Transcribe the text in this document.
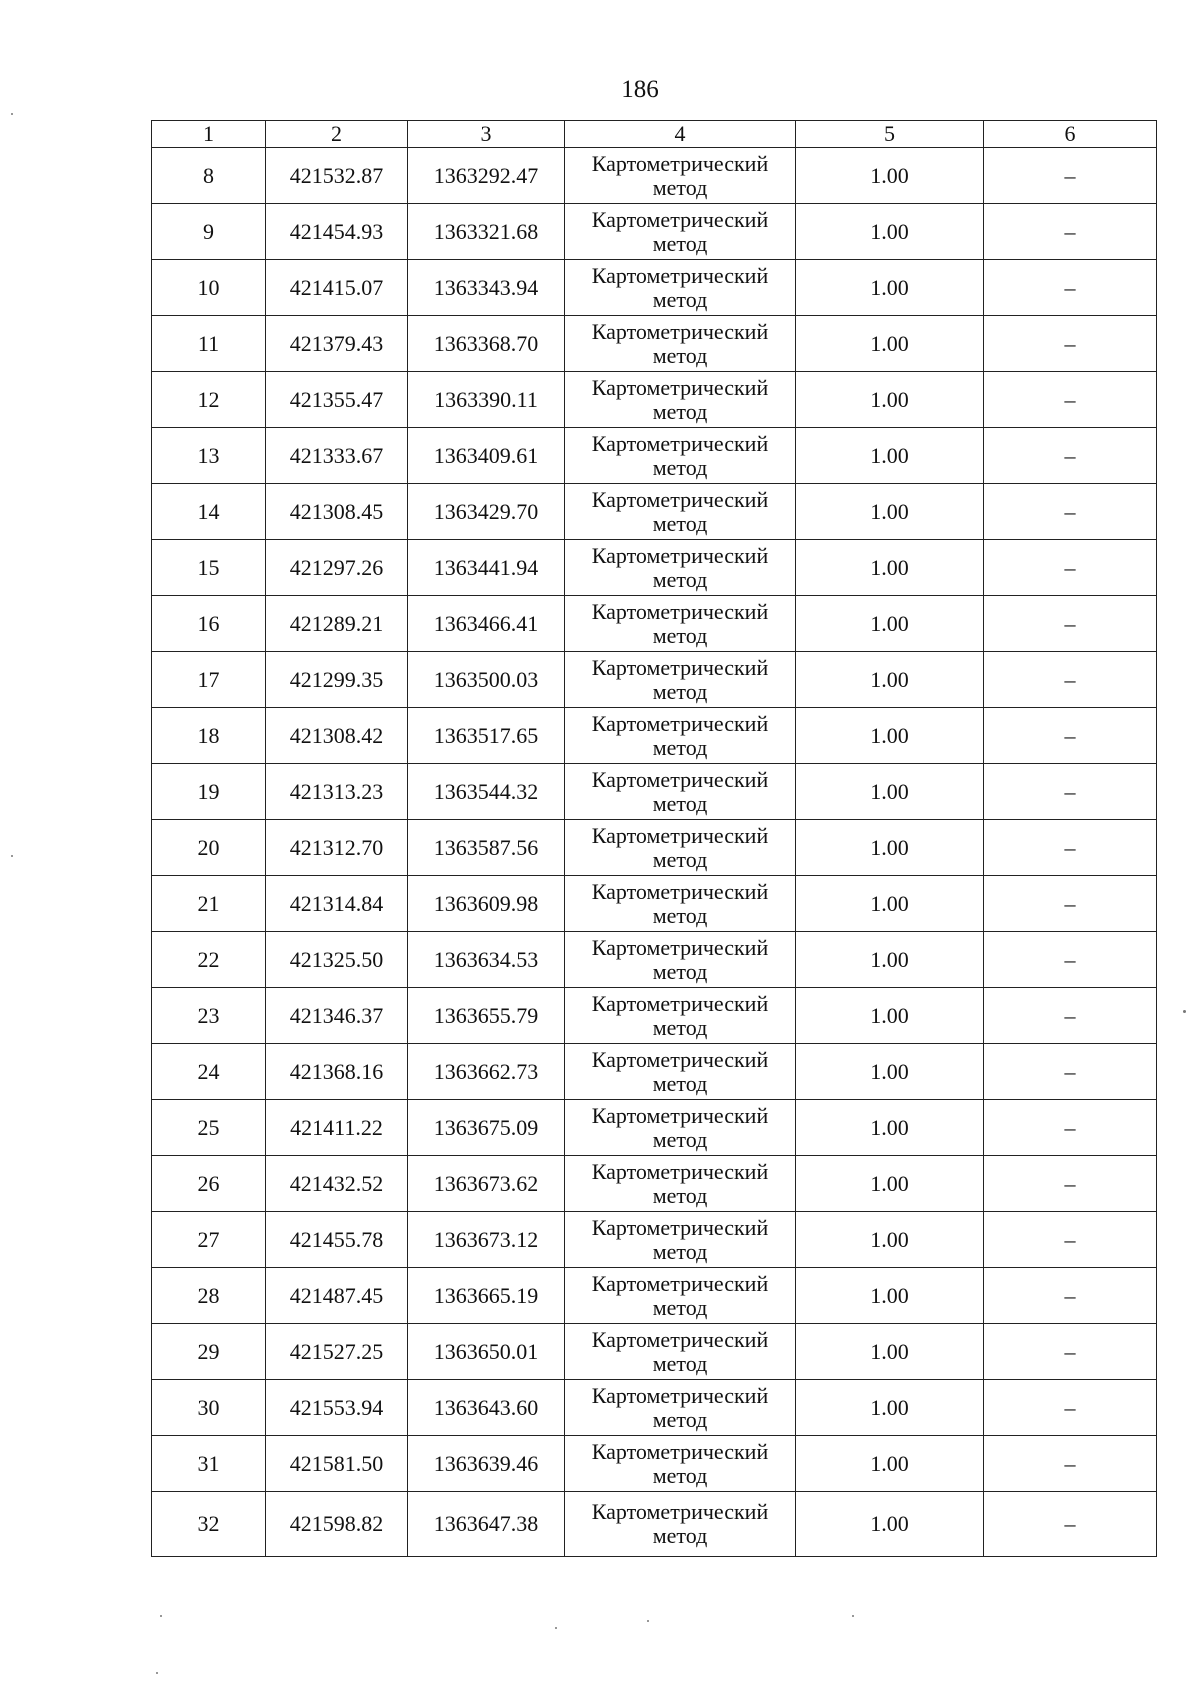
186
1	2	3	4	5	6
8	421532.87	1363292.47	Картометрический метод	1.00	–
9	421454.93	1363321.68	Картометрический метод	1.00	–
10	421415.07	1363343.94	Картометрический метод	1.00	–
11	421379.43	1363368.70	Картометрический метод	1.00	–
12	421355.47	1363390.11	Картометрический метод	1.00	–
13	421333.67	1363409.61	Картометрический метод	1.00	–
14	421308.45	1363429.70	Картометрический метод	1.00	–
15	421297.26	1363441.94	Картометрический метод	1.00	–
16	421289.21	1363466.41	Картометрический метод	1.00	–
17	421299.35	1363500.03	Картометрический метод	1.00	–
18	421308.42	1363517.65	Картометрический метод	1.00	–
19	421313.23	1363544.32	Картометрический метод	1.00	–
20	421312.70	1363587.56	Картометрический метод	1.00	–
21	421314.84	1363609.98	Картометрический метод	1.00	–
22	421325.50	1363634.53	Картометрический метод	1.00	–
23	421346.37	1363655.79	Картометрический метод	1.00	–
24	421368.16	1363662.73	Картометрический метод	1.00	–
25	421411.22	1363675.09	Картометрический метод	1.00	–
26	421432.52	1363673.62	Картометрический метод	1.00	–
27	421455.78	1363673.12	Картометрический метод	1.00	–
28	421487.45	1363665.19	Картометрический метод	1.00	–
29	421527.25	1363650.01	Картометрический метод	1.00	–
30	421553.94	1363643.60	Картометрический метод	1.00	–
31	421581.50	1363639.46	Картометрический метод	1.00	–
32	421598.82	1363647.38	Картометрический метод	1.00	–
